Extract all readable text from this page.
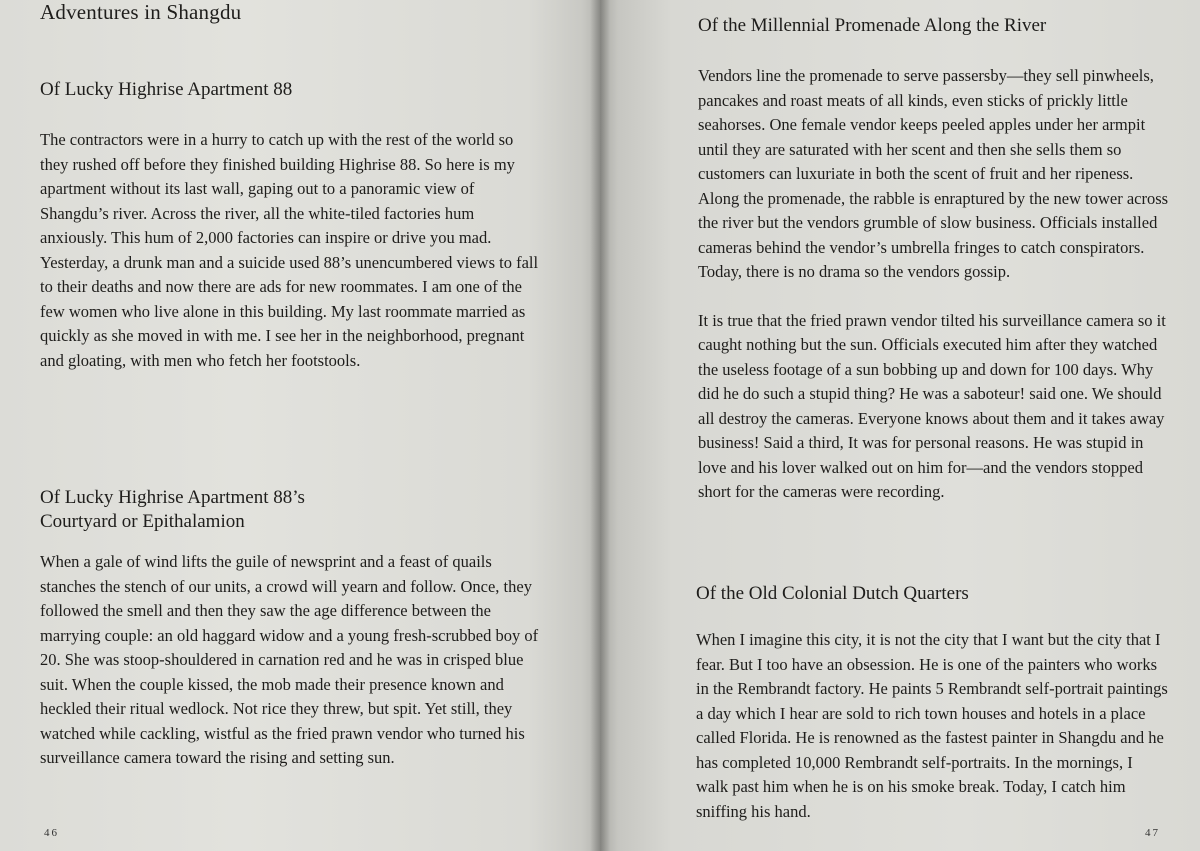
Adventures in Shangdu
Of Lucky Highrise Apartment 88

The contractors were in a hurry to catch up with the rest of the world so they rushed off before they finished building Highrise 88. So here is my apartment without its last wall, gaping out to a panoramic view of Shangdu’s river. Across the river, all the white-tiled factories hum anxiously. This hum of 2,000 factories can inspire or drive you mad. Yesterday, a drunk man and a suicide used 88’s unencumbered views to fall to their deaths and now there are ads for new roommates. I am one of the few women who live alone in this building. My last roommate married as quickly as she moved in with me. I see her in the neighborhood, pregnant and gloating, with men who fetch her footstools.

Of Lucky Highrise Apartment 88’s
Courtyard or Epithalamion

When a gale of wind lifts the guile of newsprint and a feast of quails stanches the stench of our units, a crowd will yearn and follow. Once, they followed the smell and then they saw the age difference between the marrying couple: an old haggard widow and a young fresh-scrubbed boy of 20. She was stoop-shouldered in carnation red and he was in crisped blue suit. When the couple kissed, the mob made their presence known and heckled their ritual wedlock. Not rice they threw, but spit. Yet still, they watched while cackling, wistful as the fried prawn vendor who turned his surveillance camera toward the rising and setting sun.

46
Of the Millennial Promenade Along the River

Vendors line the promenade to serve passersby—they sell pinwheels, pancakes and roast meats of all kinds, even sticks of prickly little seahorses. One female vendor keeps peeled apples under her armpit until they are saturated with her scent and then she sells them so customers can luxuriate in both the scent of fruit and her ripeness. Along the promenade, the rabble is enraptured by the new tower across the river but the vendors grumble of slow business. Officials installed cameras behind the vendor’s umbrella fringes to catch conspirators. Today, there is no drama so the vendors gossip.

It is true that the fried prawn vendor tilted his surveillance camera so it caught nothing but the sun. Officials executed him after they watched the useless footage of a sun bobbing up and down for 100 days. Why did he do such a stupid thing? He was a saboteur! said one. We should all destroy the cameras. Everyone knows about them and it takes away business! Said a third, It was for personal reasons. He was stupid in love and his lover walked out on him for—and the vendors stopped short for the cameras were recording.

Of the Old Colonial Dutch Quarters

When I imagine this city, it is not the city that I want but the city that I fear. But I too have an obsession. He is one of the painters who works in the Rembrandt factory. He paints 5 Rembrandt self-portrait paintings a day which I hear are sold to rich town houses and hotels in a place called Florida. He is renowned as the fastest painter in Shangdu and he has completed 10,000 Rembrandt self-portraits. In the mornings, I walk past him when he is on his smoke break. Today, I catch him sniffing his hand.

47
